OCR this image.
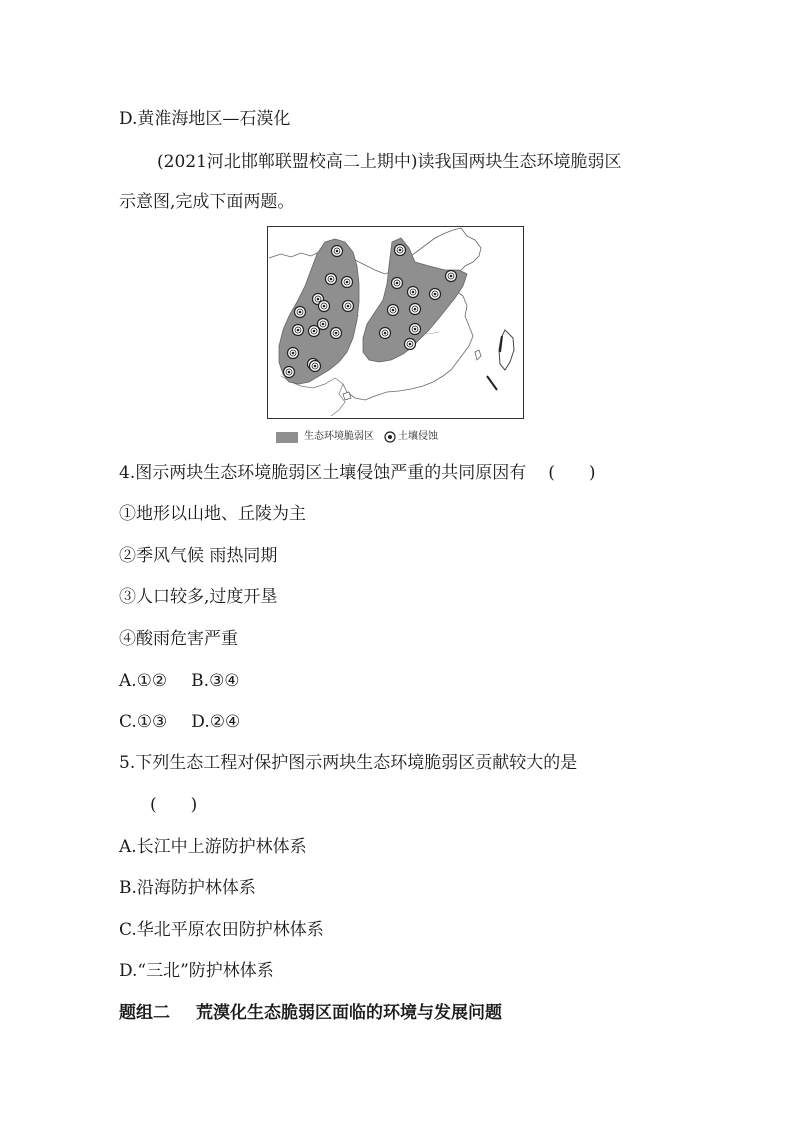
D.黄淮海地区—石漠化
(2021河北邯郸联盟校高二上期中)读我国两块生态环境脆弱区
示意图,完成下面两题。
生态环境脆弱区 土壤侵蚀
4.图示两块生态环境脆弱区土壤侵蚀严重的共同原因有 (　　)
①地形以山地、丘陵为主
②季风气候 雨热同期
③人口较多,过度开垦
④酸雨危害严重
A.①② B.③④
C.①③ D.②④
5.下列生态工程对保护图示两块生态环境脆弱区贡献较大的是
(　　)
A.长江中上游防护林体系
B.沿海防护林体系
C.华北平原农田防护林体系
D.“三北”防护林体系
题组二 荒漠化生态脆弱区面临的环境与发展问题
